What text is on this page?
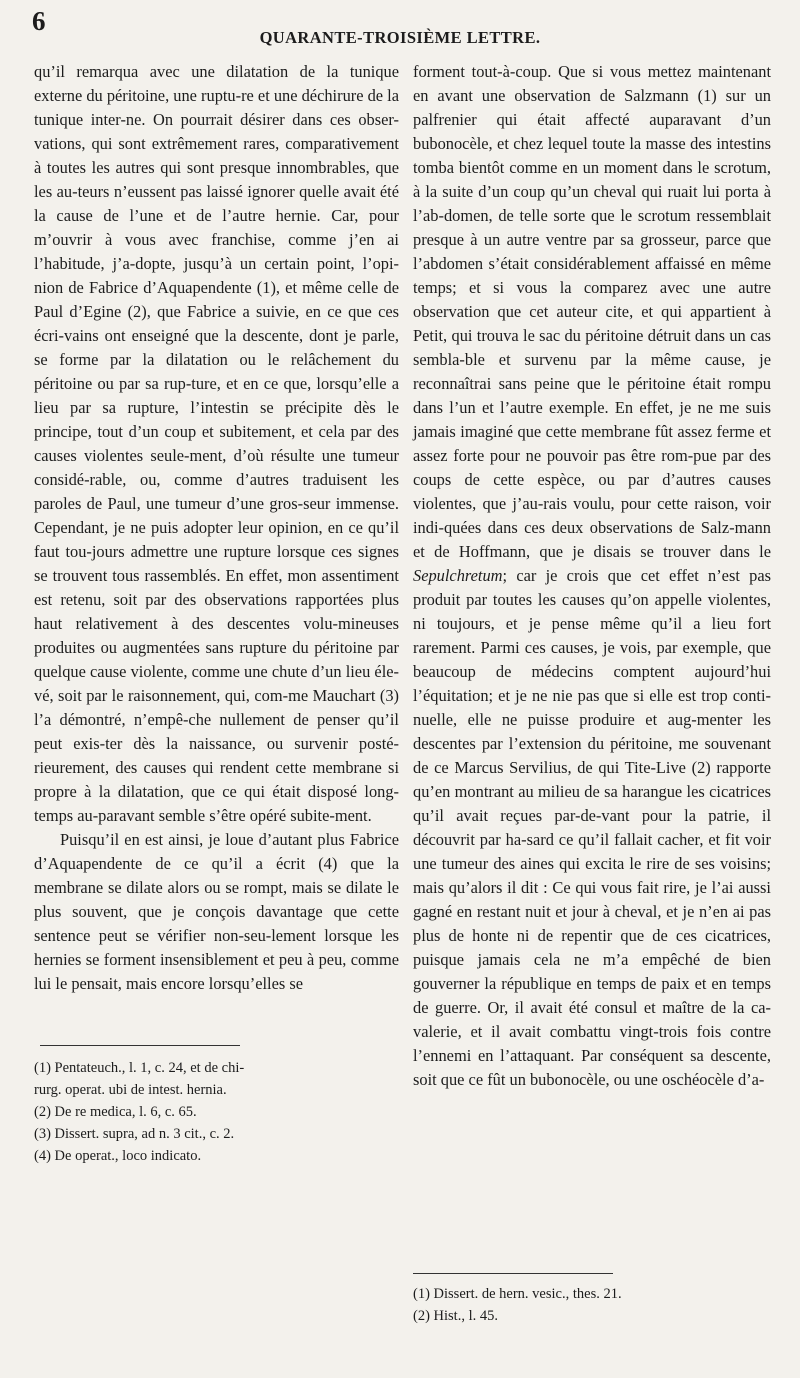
6
QUARANTE-TROISIÈME LETTRE.

qu’il remarqua avec une dilatation de la tunique externe du péritoine, une ruptu-re et une déchirure de la tunique inter-ne. On pourrait désirer dans ces obser-vations, qui sont extrêmement rares, comparativement à toutes les autres qui sont presque innombrables, que les au-teurs n’eussent pas laissé ignorer quelle avait été la cause de l’une et de l’autre hernie. Car, pour m’ouvrir à vous avec franchise, comme j’en ai l’habitude, j’a-dopte, jusqu’à un certain point, l’opi-nion de Fabrice d’Aquapendente (1), et même celle de Paul d’Egine (2), que Fabrice a suivie, en ce que ces écri-vains ont enseigné que la descente, dont je parle, se forme par la dilatation ou le relâchement du péritoine ou par sa rup-ture, et en ce que, lorsqu’elle a lieu par sa rupture, l’intestin se précipite dès le principe, tout d’un coup et subitement, et cela par des causes violentes seule-ment, d’où résulte une tumeur considé-rable, ou, comme d’autres traduisent les paroles de Paul, une tumeur d’une gros-seur immense. Cependant, je ne puis adopter leur opinion, en ce qu’il faut tou-jours admettre une rupture lorsque ces signes se trouvent tous rassemblés. En effet, mon assentiment est retenu, soit par des observations rapportées plus haut relativement à des descentes volu-mineuses produites ou augmentées sans rupture du péritoine par quelque cause violente, comme une chute d’un lieu éle-vé, soit par le raisonnement, qui, com-me Mauchart (3) l’a démontré, n’empê-che nullement de penser qu’il peut exis-ter dès la naissance, ou survenir posté-rieurement, des causes qui rendent cette membrane si propre à la dilatation, que ce qui était disposé long-temps au-paravant semble s’être opéré subite-ment.

Puisqu’il en est ainsi, je loue d’autant plus Fabrice d’Aquapendente de ce qu’il a écrit (4) que la membrane se dilate alors ou se rompt, mais se dilate le plus souvent, que je conçois davantage que cette sentence peut se vérifier non-seu-lement lorsque les hernies se forment insensiblement et peu à peu, comme lui le pensait, mais encore lorsqu’elles se

forment tout-à-coup. Que si vous mettez maintenant en avant une observation de Salzmann (1) sur un palfrenier qui était affecté auparavant d’un bubonocèle, et chez lequel toute la masse des intestins tomba bientôt comme en un moment dans le scrotum, à la suite d’un coup qu’un cheval qui ruait lui porta à l’ab-domen, de telle sorte que le scrotum ressemblait presque à un autre ventre par sa grosseur, parce que l’abdomen s’était considérablement affaissé en même temps; et si vous la comparez avec une autre observation que cet auteur cite, et qui appartient à Petit, qui trouva le sac du péritoine détruit dans un cas sembla-ble et survenu par la même cause, je reconnaîtrai sans peine que le péritoine était rompu dans l’un et l’autre exemple. En effet, je ne me suis jamais imaginé que cette membrane fût assez ferme et assez forte pour ne pouvoir pas être rom-pue par des coups de cette espèce, ou par d’autres causes violentes, que j’au-rais voulu, pour cette raison, voir indi-quées dans ces deux observations de Salz-mann et de Hoffmann, que je disais se trouver dans le Sepulchretum; car je crois que cet effet n’est pas produit par toutes les causes qu’on appelle violentes, ni toujours, et je pense même qu’il a lieu fort rarement. Parmi ces causes, je vois, par exemple, que beaucoup de médecins comptent aujourd’hui l’équitation; et je ne nie pas que si elle est trop conti-nuelle, elle ne puisse produire et aug-menter les descentes par l’extension du péritoine, me souvenant de ce Marcus Servilius, de qui Tite-Live (2) rapporte qu’en montrant au milieu de sa harangue les cicatrices qu’il avait reçues par-de-vant pour la patrie, il découvrit par ha-sard ce qu’il fallait cacher, et fit voir une tumeur des aines qui excita le rire de ses voisins; mais qu’alors il dit : Ce qui vous fait rire, je l’ai aussi gagné en restant nuit et jour à cheval, et je n’en ai pas plus de honte ni de repentir que de ces cicatrices, puisque jamais cela ne m’a empêché de bien gouverner la république en temps de paix et en temps de guerre. Or, il avait été consul et maître de la ca-valerie, et il avait combattu vingt-trois fois contre l’ennemi en l’attaquant. Par conséquent sa descente, soit que ce fût un bubonocèle, ou une oschéocèle d’a-

(1) Pentateuch., l. 1, c. 24, et de chi-
rurg. operat. ubi de intest. hernia.
(2) De re medica, l. 6, c. 65.
(3) Dissert. supra, ad n. 3 cit., c. 2.
(4) De operat., loco indicato.
(1) Dissert. de hern. vesic., thes. 21.
(2) Hist., l. 45.
